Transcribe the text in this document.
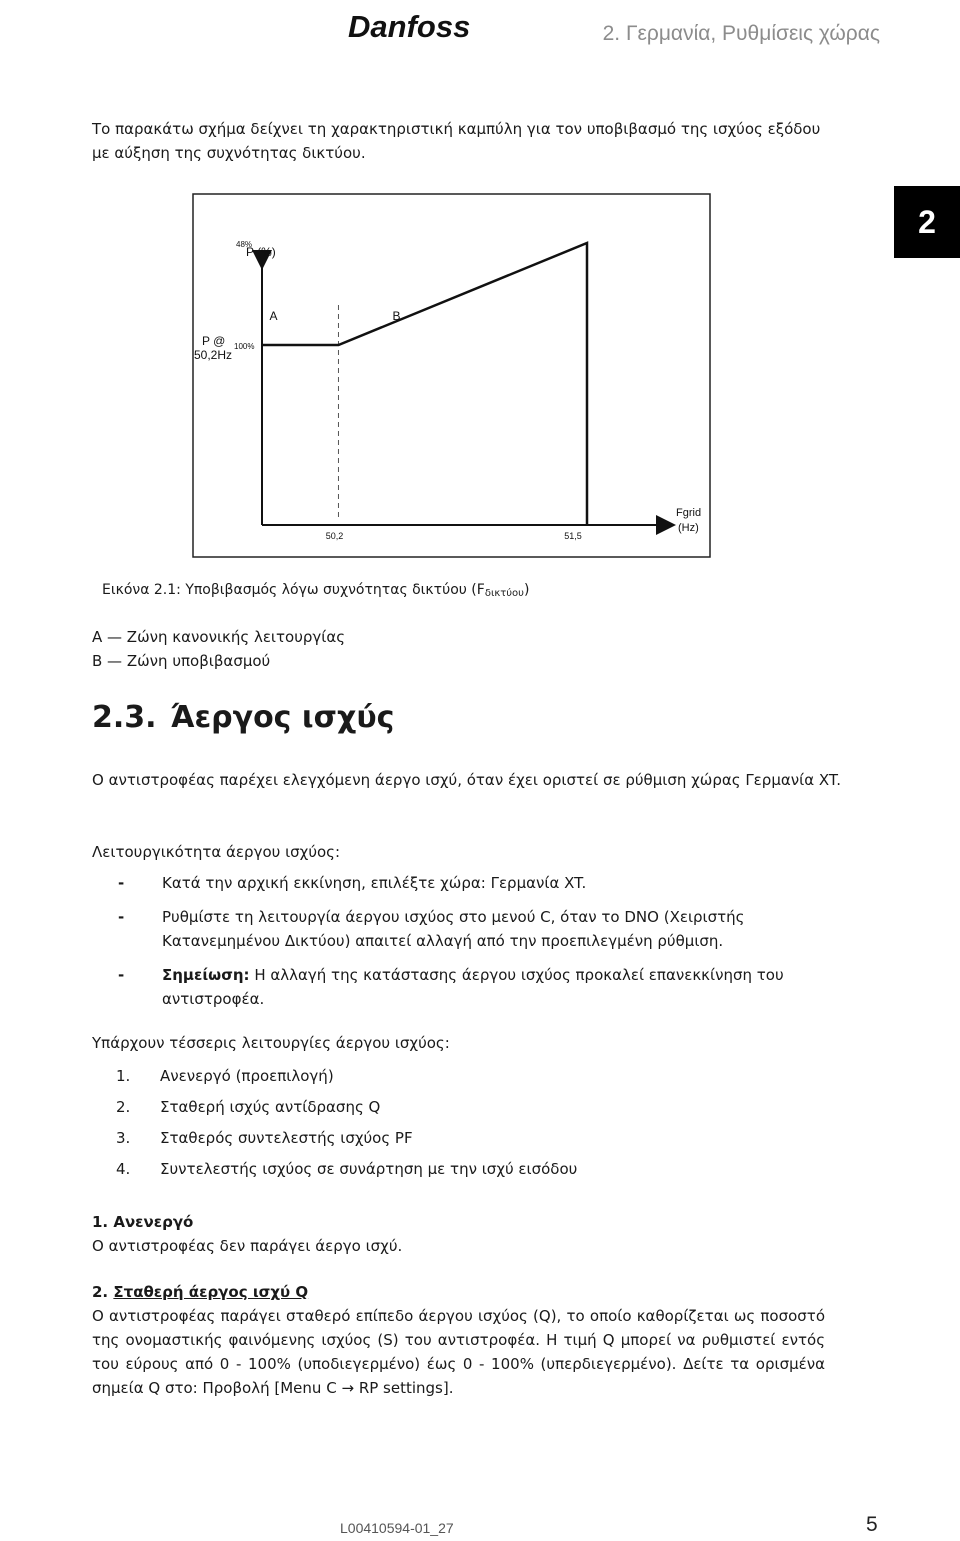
Danfoss	2. Γερμανία, Ρυθμίσεις χώρας
2
Το παρακάτω σχήμα δείχνει τη χαρακτηριστική καμπύλη για τον υποβιβασμό της ισχύος εξόδου με αύξηση της συχνότητας δικτύου.
P (%)
A	B
P @
50,2Hz
100%
48%
50,2	51,5
Fgrid
(Hz)
Εικόνα 2.1: Υποβιβασμός λόγω συχνότητας δικτύου $(F_{\delta\iota\kappa\tau ύo\upsilon})$
A — Ζώνη κανονικής λειτουργίας
B — Ζώνη υποβιβασμού
2.3. Άεργος ισχύς
Ο αντιστροφέας παρέχει ελεγχόμενη άεργο ισχύ, όταν έχει οριστεί σε ρύθμιση χώρας Γερμανία XT.
Λειτουργικότητα άεργου ισχύος:
-	Κατά την αρχική εκκίνηση, επιλέξτε χώρα: Γερμανία XT.
-	Ρυθμίστε τη λειτουργία άεργου ισχύος στο μενού C, όταν το DNO (Χειριστής Κατανεμημένου Δικτύου) απαιτεί αλλαγή από την προεπιλεγμένη ρύθμιση.
-	Σημείωση: Η αλλαγή της κατάστασης άεργου ισχύος προκαλεί επανεκκίνηση του αντιστροφέα.
Υπάρχουν τέσσερις λειτουργίες άεργου ισχύος:
1. Ανενεργό (προεπιλογή)
2. Σταθερή ισχύς αντίδρασης Q
3. Σταθερός συντελεστής ισχύος PF
4. Συντελεστής ισχύος σε συνάρτηση με την ισχύ εισόδου
1. Ανενεργό
Ο αντιστροφέας δεν παράγει άεργο ισχύ.
2. Σταθερή άεργος ισχύ Q
Ο αντιστροφέας παράγει σταθερό επίπεδο άεργου ισχύος (Q), το οποίο καθορίζεται ως ποσοστό της ονομαστικής φαινόμενης ισχύος (S) του αντιστροφέα. Η τιμή Q μπορεί να ρυθμιστεί εντός του εύρους από 0 - 100% (υποδιεγερμένο) έως 0 - 100% (υπερδιεγερμένο). Δείτε τα ορισμένα σημεία Q στο: Προβολή [Menu C → RP settings].
L00410594-01_27	5
